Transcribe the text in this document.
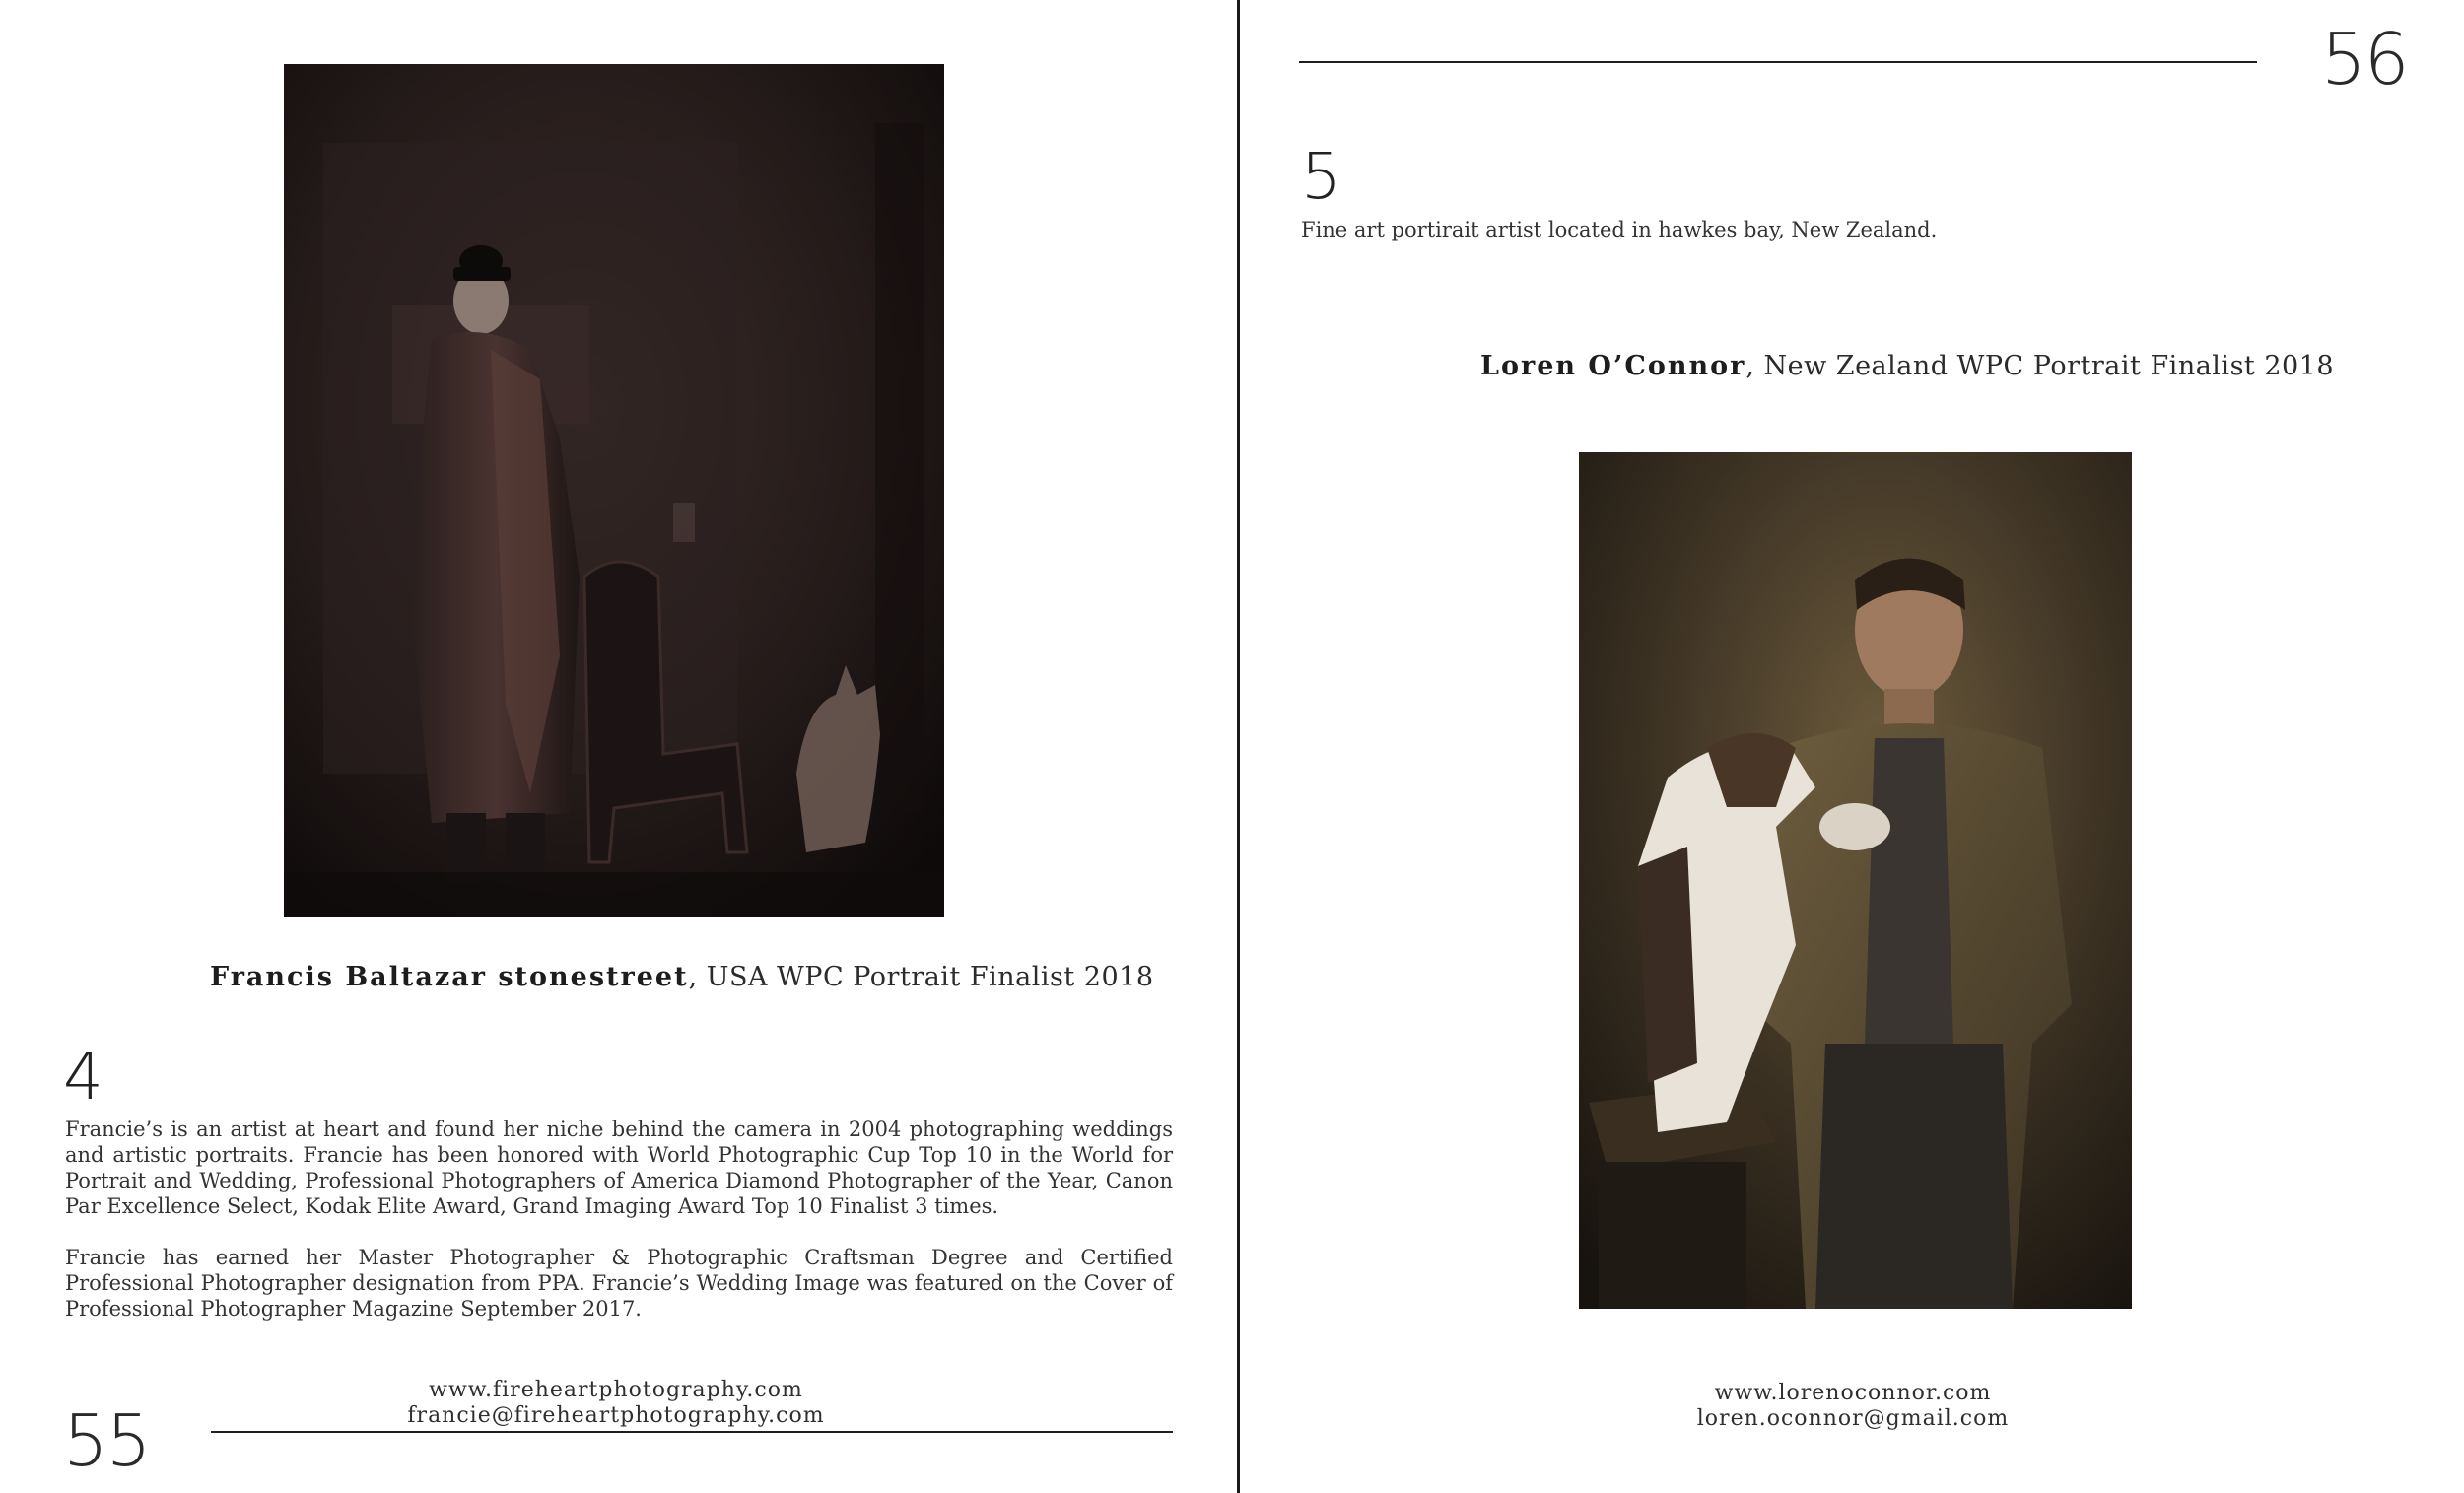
Francis Baltazar stonestreet, USA WPC Portrait Finalist 2018
4

Francie’s is an artist at heart and found her niche behind the camera in 2004 photographing weddings and artistic portraits. Francie has been honored with World Photographic Cup Top 10 in the World for Portrait and Wedding, Professional Photographers of America Diamond Photographer of the Year, Canon Par Excellence Select, Kodak Elite Award, Grand Imaging Award Top 10 Finalist 3 times.

Francie has earned her Master Photographer & Photographic Craftsman Degree and Certified Professional Photographer designation from PPA. Francie’s Wedding Image was featured on the Cover of Professional Photographer Magazine September 2017.

www.fireheartphotography.com
francie@fireheartphotography.com
55
56
5
Fine art portirait artist located in hawkes bay, New Zealand.
Loren O’Connor, New Zealand WPC Portrait Finalist 2018
www.lorenoconnor.com
loren.oconnor@gmail.com
